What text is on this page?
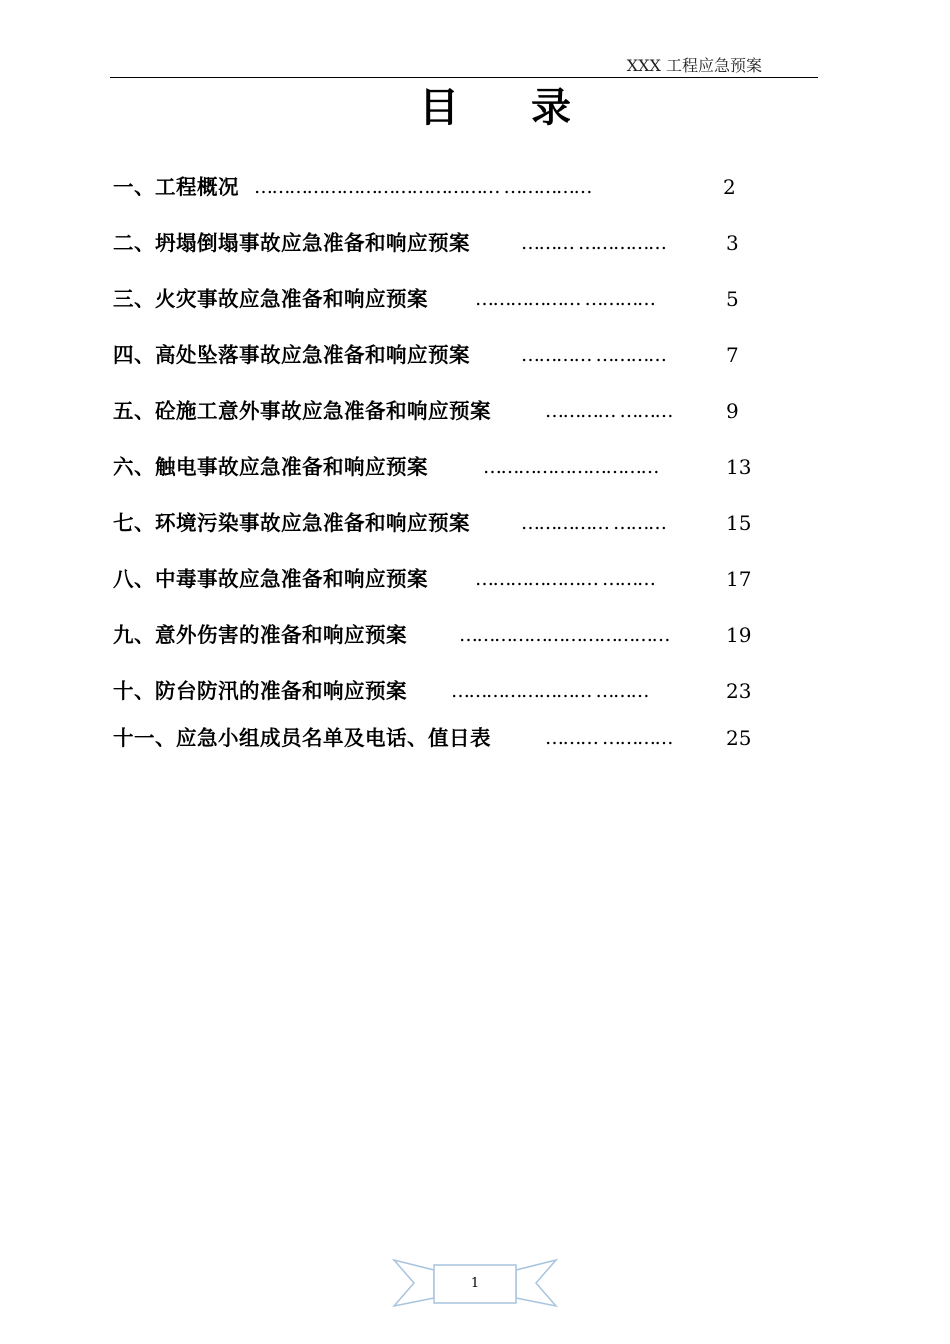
XXX 工程应急预案
目 录
一、工程概况 …………………………………… ……………	2
二、坍塌倒塌事故应急准备和响应预案	……… ……………	3
三、火灾事故应急准备和响应预案 ……………… …………	5
四、高处坠落事故应急准备和响应预案	………… …………	7
五、砼施工意外事故应急准备和响应预案	………… ………	9
六、触电事故应急准备和响应预案	…………………………	13
七、环境污染事故应急准备和响应预案	…………… ………	15
八、中毒事故应急准备和响应预案 ………………… ………	17
九、意外伤害的准备和响应预案	………………………………	19
十、防台防汛的准备和响应预案 …………………… ………	23
十一、应急小组成员名单及电话、值日表	……… …………	25
1
